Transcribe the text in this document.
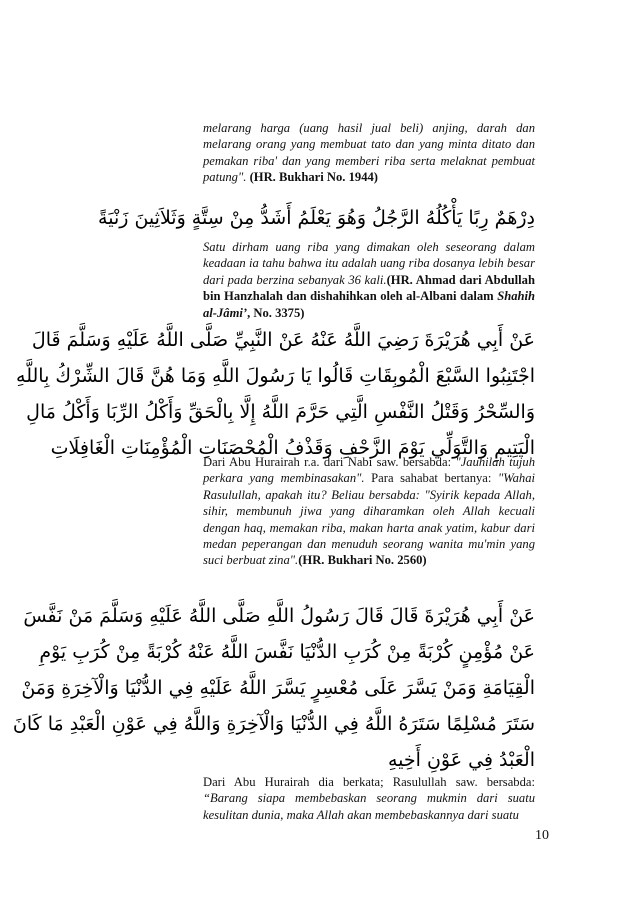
melarang harga (uang hasil jual beli) anjing, darah dan melarang orang yang membuat tato dan yang minta ditato dan pemakan riba' dan yang memberi riba serta melaknat pembuat patung". (HR. Bukhari No. 1944)

دِرْهَمٌ رِبًا يَأْكُلُهُ الرَّجُلُ وَهُوَ يَعْلَمُ أَشَدُّ مِنْ سِتَّةٍ وَثَلاَثِينَ زَنْيَةً

Satu dirham uang riba yang dimakan oleh seseorang dalam keadaan ia tahu bahwa itu adalah uang riba dosanya lebih besar dari pada berzina sebanyak 36 kali.(HR. Ahmad dari Abdullah bin Hanzhalah dan dishahihkan oleh al-Albani dalam Shahih al-Jâmi’, No. 3375)

عَنْ أَبِي هُرَيْرَةَ رَضِيَ اللَّهُ عَنْهُ عَنْ النَّبِيِّ صَلَّى اللَّهُ عَلَيْهِ وَسَلَّمَ قَالَ

اجْتَنِبُوا السَّبْعَ الْمُوبِقَاتِ قَالُوا يَا رَسُولَ اللَّهِ وَمَا هُنَّ قَالَ الشِّرْكُ بِاللَّهِ

وَالسِّحْرُ وَقَتْلُ النَّفْسِ الَّتِي حَرَّمَ اللَّهُ إِلَّا بِالْحَقِّ وَأَكْلُ الرِّبَا وَأَكْلُ مَالِ

الْيَتِيمِ وَالتَّوَلِّي يَوْمَ الزَّحْفِ وَقَذْفُ الْمُحْصَنَاتِ الْمُؤْمِنَاتِ الْغَافِلَاتِ

Dari Abu Hurairah r.a. dari Nabi saw. bersabda: "Jauhilah tujuh perkara yang membinasakan". Para sahabat bertanya: "Wahai Rasulullah, apakah itu? Beliau bersabda: "Syirik kepada Allah, sihir, membunuh jiwa yang diharamkan oleh Allah kecuali dengan haq, memakan riba, makan harta anak yatim, kabur dari medan peperangan dan menuduh seorang wanita mu'min yang suci berbuat zina".(HR. Bukhari No. 2560)

عَنْ أَبِي هُرَيْرَةَ قَالَ قَالَ رَسُولُ اللَّهِ صَلَّى اللَّهُ عَلَيْهِ وَسَلَّمَ مَنْ نَفَّسَ

عَنْ مُؤْمِنٍ كُرْبَةً مِنْ كُرَبِ الدُّنْيَا نَفَّسَ اللَّهُ عَنْهُ كُرْبَةً مِنْ كُرَبِ يَوْمِ

الْقِيَامَةِ وَمَنْ يَسَّرَ عَلَى مُعْسِرٍ يَسَّرَ اللَّهُ عَلَيْهِ فِي الدُّنْيَا وَالْآخِرَةِ وَمَنْ

سَتَرَ مُسْلِمًا سَتَرَهُ اللَّهُ فِي الدُّنْيَا وَالْآخِرَةِ وَاللَّهُ فِي عَوْنِ الْعَبْدِ مَا كَانَ

الْعَبْدُ فِي عَوْنِ أَخِيهِ

Dari Abu Hurairah dia berkata; Rasulullah saw. bersabda: “Barang siapa membebaskan seorang mukmin dari suatu kesulitan dunia, maka Allah akan membebaskannya dari suatu

10
